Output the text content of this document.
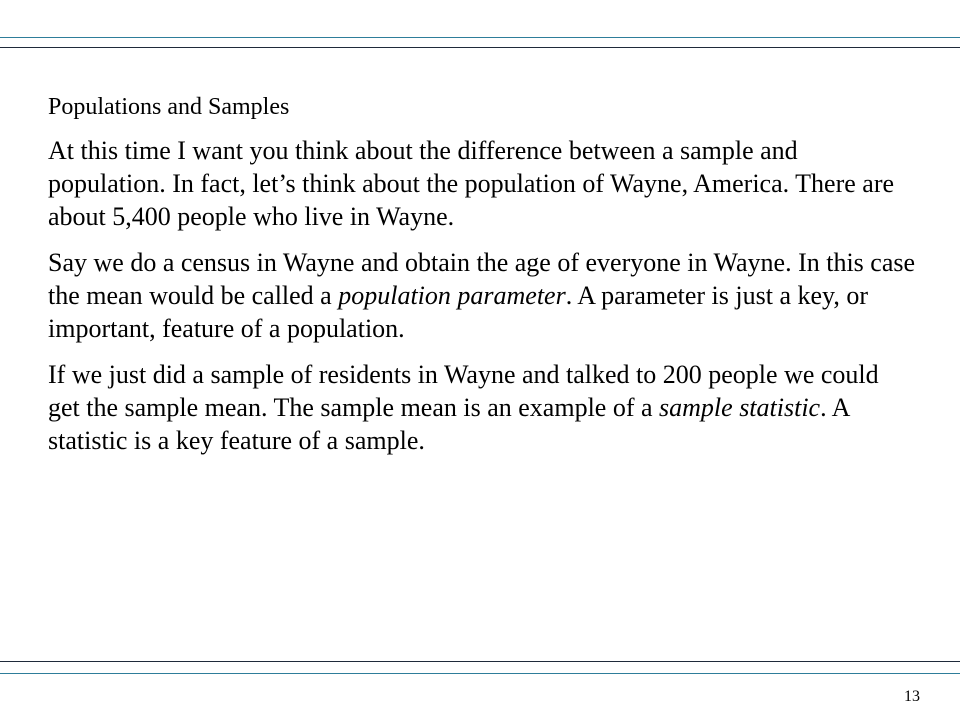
Populations and Samples

At this time I want you think about the difference between a sample and population. In fact, let’s think about the population of Wayne, America. There are about 5,400 people who live in Wayne.

Say we do a census in Wayne and obtain the age of everyone in Wayne. In this case the mean would be called a population parameter. A parameter is just a key, or important, feature of a population.

If we just did a sample of residents in Wayne and talked to 200 people we could get the sample mean. The sample mean is an example of a sample statistic. A statistic is a key feature of a sample.

13
